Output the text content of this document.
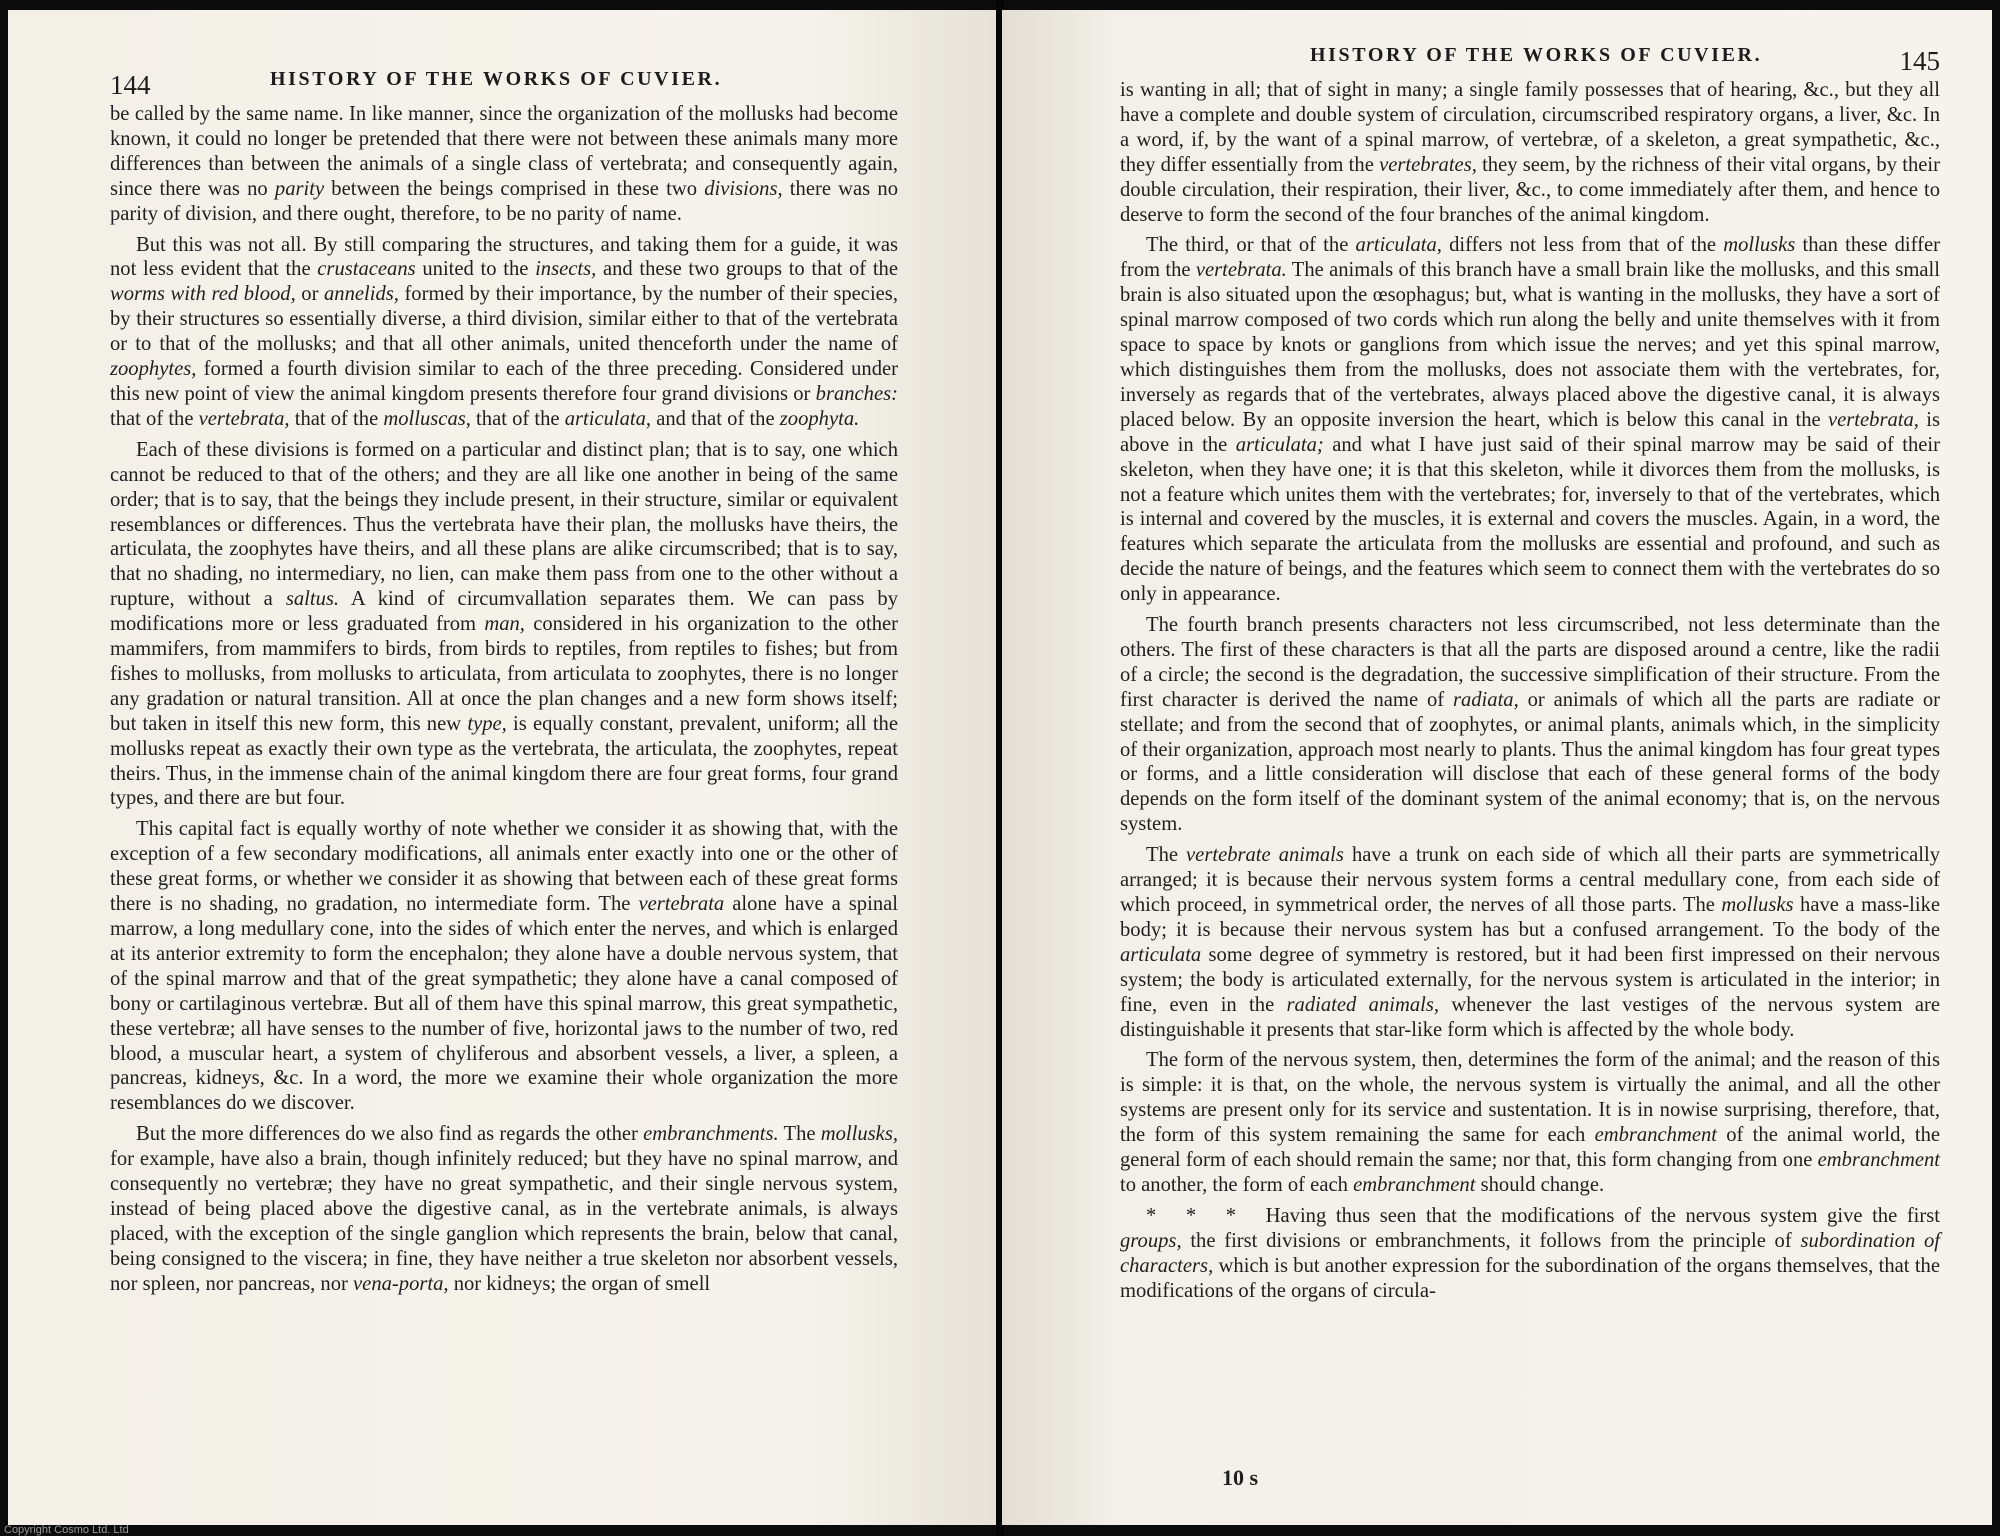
144	HISTORY OF THE WORKS OF CUVIER.

be called by the same name. In like manner, since the organization of the mollusks had become known, it could no longer be pretended that there were not between these animals many more differences than between the animals of a single class of vertebrata; and consequently again, since there was no parity between the beings comprised in these two divisions, there was no parity of division, and there ought, therefore, to be no parity of name.

But this was not all. By still comparing the structures, and taking them for a guide, it was not less evident that the crustaceans united to the insects, and these two groups to that of the worms with red blood, or annelids, formed by their importance, by the number of their species, by their structures so essentially diverse, a third division, similar either to that of the vertebrata or to that of the mollusks; and that all other animals, united thenceforth under the name of zoophytes, formed a fourth division similar to each of the three preceding. Considered under this new point of view the animal kingdom presents therefore four grand divisions or branches: that of the vertebrata, that of the molluscas, that of the articulata, and that of the zoophyta.

Each of these divisions is formed on a particular and distinct plan; that is to say, one which cannot be reduced to that of the others; and they are all like one another in being of the same order; that is to say, that the beings they include present, in their structure, similar or equivalent resemblances or differences. Thus the vertebrata have their plan, the mollusks have theirs, the articulata, the zoophytes have theirs, and all these plans are alike circumscribed; that is to say, that no shading, no intermediary, no lien, can make them pass from one to the other without a rupture, without a saltus. A kind of circumvallation separates them. We can pass by modifications more or less graduated from man, considered in his organization to the other mammifers, from mammifers to birds, from birds to reptiles, from reptiles to fishes; but from fishes to mollusks, from mollusks to articulata, from articulata to zoophytes, there is no longer any gradation or natural transition. All at once the plan changes and a new form shows itself; but taken in itself this new form, this new type, is equally constant, prevalent, uniform; all the mollusks repeat as exactly their own type as the vertebrata, the articulata, the zoophytes, repeat theirs. Thus, in the immense chain of the animal kingdom there are four great forms, four grand types, and there are but four.

This capital fact is equally worthy of note whether we consider it as showing that, with the exception of a few secondary modifications, all animals enter exactly into one or the other of these great forms, or whether we consider it as showing that between each of these great forms there is no shading, no gradation, no intermediate form. The vertebrata alone have a spinal marrow, a long medullary cone, into the sides of which enter the nerves, and which is enlarged at its anterior extremity to form the encephalon; they alone have a double nervous system, that of the spinal marrow and that of the great sympathetic; they alone have a canal composed of bony or cartilaginous vertebræ. But all of them have this spinal marrow, this great sympathetic, these vertebræ; all have senses to the number of five, horizontal jaws to the number of two, red blood, a muscular heart, a system of chyliferous and absorbent vessels, a liver, a spleen, a pancreas, kidneys, &c. In a word, the more we examine their whole organization the more resemblances do we discover.

But the more differences do we also find as regards the other embranchments. The mollusks, for example, have also a brain, though infinitely reduced; but they have no spinal marrow, and consequently no vertebræ; they have no great sympathetic, and their single nervous system, instead of being placed above the digestive canal, as in the vertebrate animals, is always placed, with the exception of the single ganglion which represents the brain, below that canal, being consigned to the viscera; in fine, they have neither a true skeleton nor absorbent vessels, nor spleen, nor pancreas, nor vena-porta, nor kidneys; the organ of smell

HISTORY OF THE WORKS OF CUVIER.	145

is wanting in all; that of sight in many; a single family possesses that of hearing, &c., but they all have a complete and double system of circulation, circumscribed respiratory organs, a liver, &c. In a word, if, by the want of a spinal marrow, of vertebræ, of a skeleton, a great sympathetic, &c., they differ essentially from the vertebrates, they seem, by the richness of their vital organs, by their double circulation, their respiration, their liver, &c., to come immediately after them, and hence to deserve to form the second of the four branches of the animal kingdom.

The third, or that of the articulata, differs not less from that of the mollusks than these differ from the vertebrata. The animals of this branch have a small brain like the mollusks, and this small brain is also situated upon the œsophagus; but, what is wanting in the mollusks, they have a sort of spinal marrow composed of two cords which run along the belly and unite themselves with it from space to space by knots or ganglions from which issue the nerves; and yet this spinal marrow, which distinguishes them from the mollusks, does not associate them with the vertebrates, for, inversely as regards that of the vertebrates, always placed above the digestive canal, it is always placed below. By an opposite inversion the heart, which is below this canal in the vertebrata, is above in the articulata; and what I have just said of their spinal marrow may be said of their skeleton, when they have one; it is that this skeleton, while it divorces them from the mollusks, is not a feature which unites them with the vertebrates; for, inversely to that of the vertebrates, which is internal and covered by the muscles, it is external and covers the muscles. Again, in a word, the features which separate the articulata from the mollusks are essential and profound, and such as decide the nature of beings, and the features which seem to connect them with the vertebrates do so only in appearance.

The fourth branch presents characters not less circumscribed, not less determinate than the others. The first of these characters is that all the parts are disposed around a centre, like the radii of a circle; the second is the degradation, the successive simplification of their structure. From the first character is derived the name of radiata, or animals of which all the parts are radiate or stellate; and from the second that of zoophytes, or animal plants, animals which, in the simplicity of their organization, approach most nearly to plants. Thus the animal kingdom has four great types or forms, and a little consideration will disclose that each of these general forms of the body depends on the form itself of the dominant system of the animal economy; that is, on the nervous system.

The vertebrate animals have a trunk on each side of which all their parts are symmetrically arranged; it is because their nervous system forms a central medullary cone, from each side of which proceed, in symmetrical order, the nerves of all those parts. The mollusks have a mass-like body; it is because their nervous system has but a confused arrangement. To the body of the articulata some degree of symmetry is restored, but it had been first impressed on their nervous system; the body is articulated externally, for the nervous system is articulated in the interior; in fine, even in the radiated animals, whenever the last vestiges of the nervous system are distinguishable it presents that star-like form which is affected by the whole body.

The form of the nervous system, then, determines the form of the animal; and the reason of this is simple: it is that, on the whole, the nervous system is virtually the animal, and all the other systems are present only for its service and sustentation. It is in nowise surprising, therefore, that, the form of this system remaining the same for each embranchment of the animal world, the general form of each should remain the same; nor that, this form changing from one embranchment to another, the form of each embranchment should change.

* * * Having thus seen that the modifications of the nervous system give the first groups, the first divisions or embranchments, it follows from the principle of subordination of characters, which is but another expression for the subordination of the organs themselves, that the modifications of the organs of circula-

10 s
Copyright Cosmo Ltd. Ltd
